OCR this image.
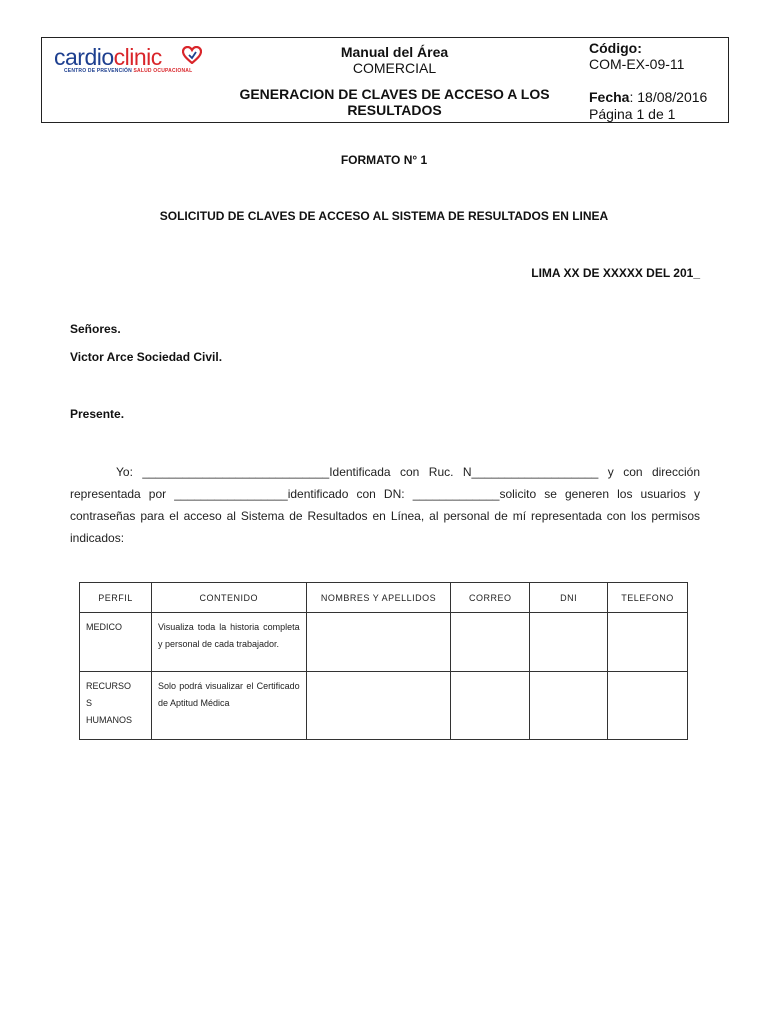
cardioclinic
CENTRO DE PREVENCIÓN SALUD OCUPACIONAL
Manual del Área
COMERCIAL
GENERACION DE CLAVES DE ACCESO A LOS RESULTADOS
Código:
COM-EX-09-11
Fecha: 18/08/2016
Página 1 de 1
FORMATO N° 1
SOLICITUD DE CLAVES DE ACCESO AL SISTEMA DE RESULTADOS EN LINEA
LIMA XX DE XXXXX DEL 201_
Señores.
Victor Arce Sociedad Civil.
Presente.
Yo: ____________________________Identificada con Ruc. N___________________ y con dirección representada por _________________identificado con DN: _____________solicito se generen los usuarios y contraseñas para el acceso al Sistema de Resultados en Línea, al personal de mí representada con los permisos indicados:
PERFIL	CONTENIDO	NOMBRES Y APELLIDOS	CORREO	DNI	TELEFONO
MEDICO	Visualiza toda la historia completa y personal de cada trabajador.				

RECURSO
S
HUMANOS	Solo podrá visualizar el Certificado de Aptitud Médica				
